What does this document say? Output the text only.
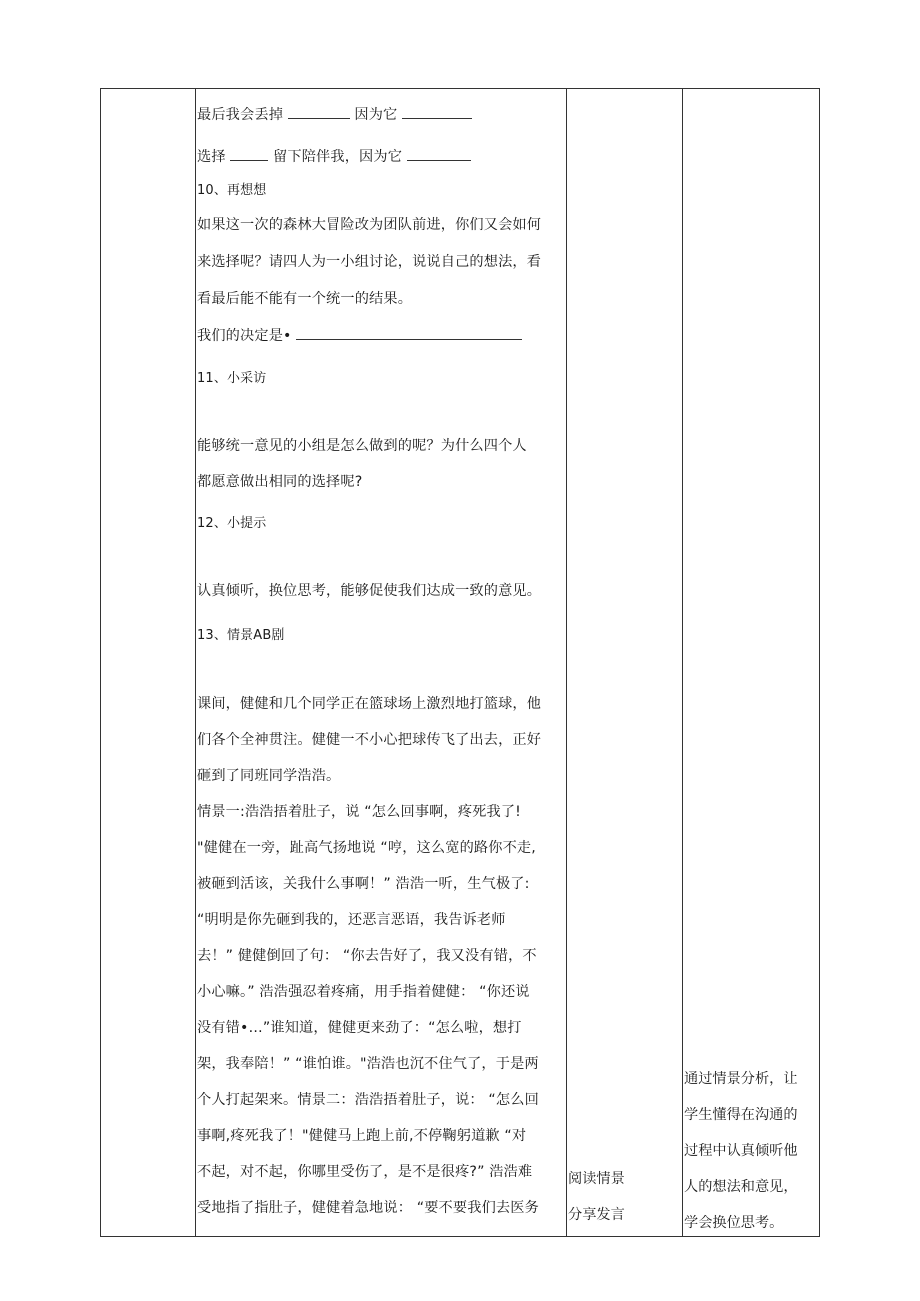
最后我会丢掉	因为它
选择	留下陪伴我，因为它
10、再想想
如果这一次的森林大冒险改为团队前进，你们又会如何
来选择呢？请四人为一小组讨论，说说自己的想法，看
看最后能不能有一个统一的结果。
我们的决定是•
11、小采访
能够统一意见的小组是怎么做到的呢？为什么四个人
都愿意做出相同的选择呢?
12、小提示
认真倾听，换位思考，能够促使我们达成一致的意见。
13、情景AB剧
课间，健健和几个同学正在篮球场上激烈地打篮球，他
们各个全神贯注。健健一不小心把球传飞了出去，正好
砸到了同班同学浩浩。
情景一:浩浩捂着肚子，说 “怎么回事啊，疼死我了!
"健健在一旁，趾高气扬地说 “哼，这么宽的路你不走,
被砸到活该，关我什么事啊！” 浩浩一听，生气极了:
“明明是你先砸到我的，还恶言恶语，我告诉老师
去！” 健健倒回了句： “你去告好了，我又没有错，不
小心嘛。” 浩浩强忍着疼痛，用手指着健健： “你还说
没有错•…”谁知道，健健更来劲了：“怎么啦，想打
架，我奉陪！” “谁怕谁。"浩浩也沉不住气了，于是两
个人打起架来。情景二：浩浩捂着肚子，说： “怎么回
事啊,疼死我了！"健健马上跑上前,不停鞠躬道歉 “对
不起，对不起，你哪里受伤了，是不是很疼?” 浩浩难
受地指了指肚子，健健着急地说： “要不要我们去医务
阅读情景
分享发言
通过情景分析，让
学生懂得在沟通的
过程中认真倾听他
人的想法和意见，
学会换位思考。
